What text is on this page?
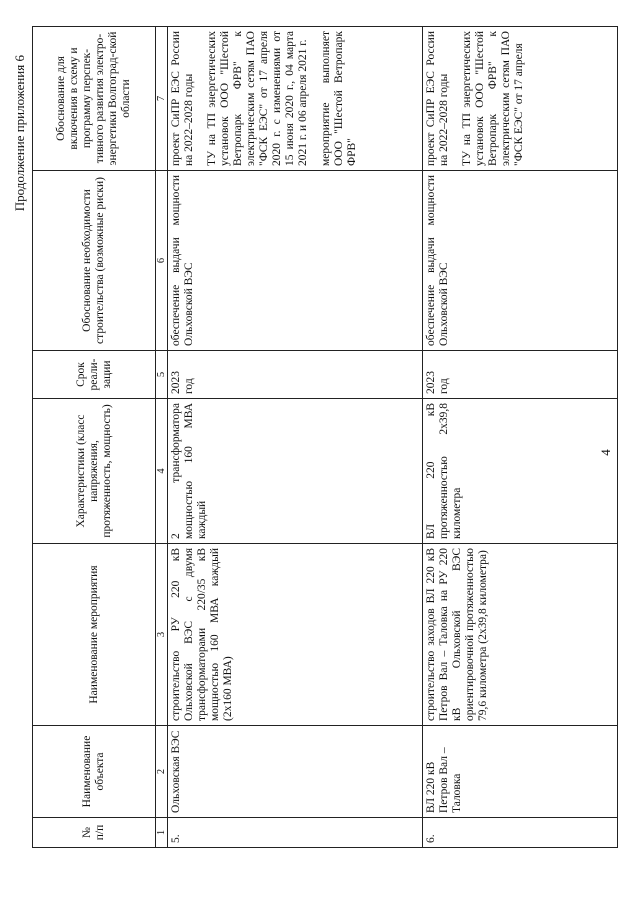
4
Продолжение приложения 6
№ п/п	Наименование объекта	Наименование мероприятия	Характеристики (класс напряжения, протяженность, мощность)	Срок реали-зации	Обоснование необходимости строительства (возможные риски)	Обоснование для включения в схему и программу перспек-тивного развития электро-энергетики Волгоград-ской области
1	2	3	4	5	6	7
5.	Ольховская ВЭС	строительство РУ 220 кВ Ольховской ВЭС с двумя трансформаторами 220/35 кВ мощностью 160 МВА каждый (2х160 МВА)	2 трансформатора мощностью 160 МВА каждый	2023 год	обеспечение выдачи мощности Ольховской ВЭС	проект СиПР ЕЭС России на 2022–2028 годы ТУ на ТП энергетических установок ООО "Шестой Ветропарк ФРВ" к электрическим сетям ПАО "ФСК ЕЭС" от 17 апреля 2020 г. с изменениями от 15 июня 2020 г., 04 марта 2021 г. и 06 апреля 2021 г. мероприятие выполняет ООО "Шестой Ветропарк ФРВ"

6.	ВЛ 220 кВ Петров Вал – Таловка	строительство заходов ВЛ 220 кВ Петров Вал – Таловка на РУ 220 кВ Ольховской ВЭС ориентировочной протяженностью 79,6 километра (2х39,8 километра)	ВЛ 220 кВ протяженностью 2х39,8 километра	2023 год	обеспечение выдачи мощности Ольховской ВЭС	проект СиПР ЕЭС России на 2022–2028 годы ТУ на ТП энергетических установок ООО "Шестой Ветропарк ФРВ" к электрическим сетям ПАО "ФСК ЕЭС" от 17 апреля
